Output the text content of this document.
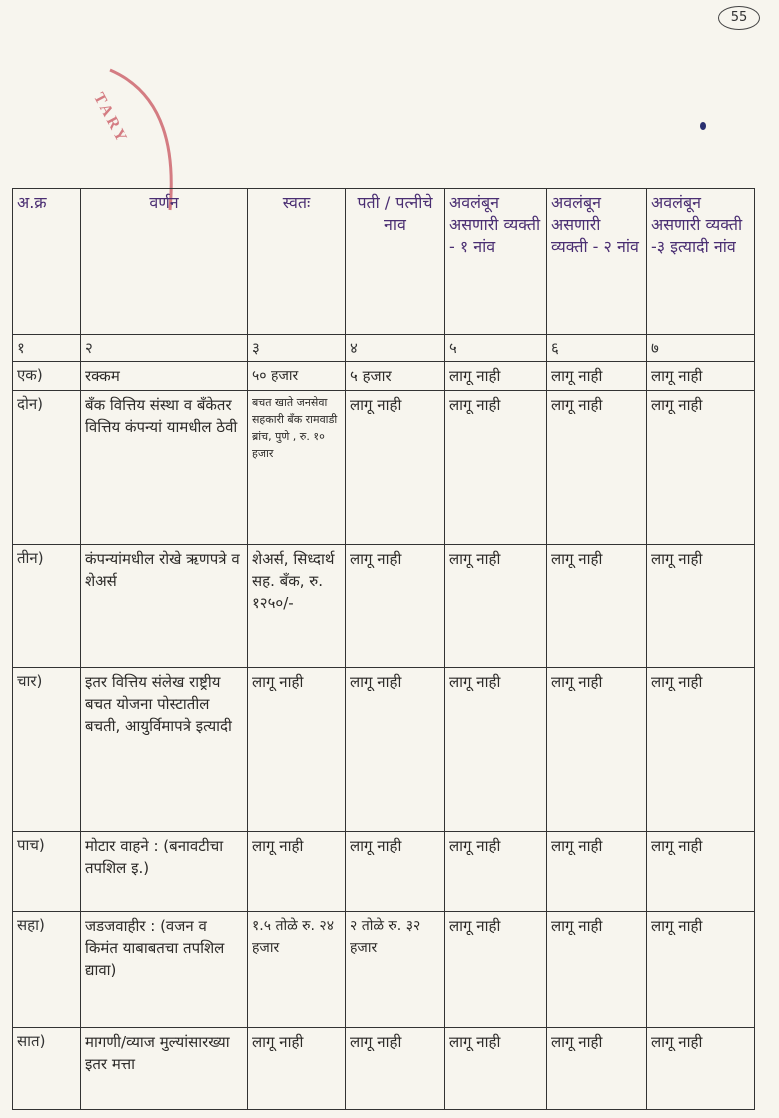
55
TARY
अ.क्र	वर्णन	स्वतः	पती / पत्नीचे नाव	अवलंबून असणारी व्यक्ती - १ नांव	अवलंबून असणारी व्यक्ती - २ नांव	अवलंबून असणारी व्यक्ती -३ इत्यादी नांव
१	२	३	४	५	६	७
एक)	रक्कम	५० हजार	५ हजार	लागू नाही	लागू नाही	लागू नाही
दोन)	बँक वित्तिय संस्था व बँकेतर वित्तिय कंपन्यां यामधील ठेवी	बचत खाते जनसेवा सहकारी बँक रामवाडी ब्रांच, पुणे , रु. १० हजार	लागू नाही	लागू नाही	लागू नाही	लागू नाही
तीन)	कंपन्यांमधील रोखे ऋणपत्रे व शेअर्स	शेअर्स, सिध्दार्थ सह. बँक, रु. १२५०/-	लागू नाही	लागू नाही	लागू नाही	लागू नाही
चार)	इतर वित्तिय संलेख राष्ट्रीय बचत योजना पोस्टातील बचती, आयुर्विमापत्रे इत्यादी	लागू नाही	लागू नाही	लागू नाही	लागू नाही	लागू नाही
पाच)	मोटार वाहने : (बनावटीचा तपशिल इ.)	लागू नाही	लागू नाही	लागू नाही	लागू नाही	लागू नाही
सहा)	जडजवाहीर : (वजन व किमंत याबाबतचा तपशिल द्यावा)	१.५ तोळे रु. २४ हजार	२ तोळे रु. ३२ हजार	लागू नाही	लागू नाही	लागू नाही
सात)	मागणी/व्याज मुल्यांसारख्या इतर मत्ता	लागू नाही	लागू नाही	लागू नाही	लागू नाही	लागू नाही
